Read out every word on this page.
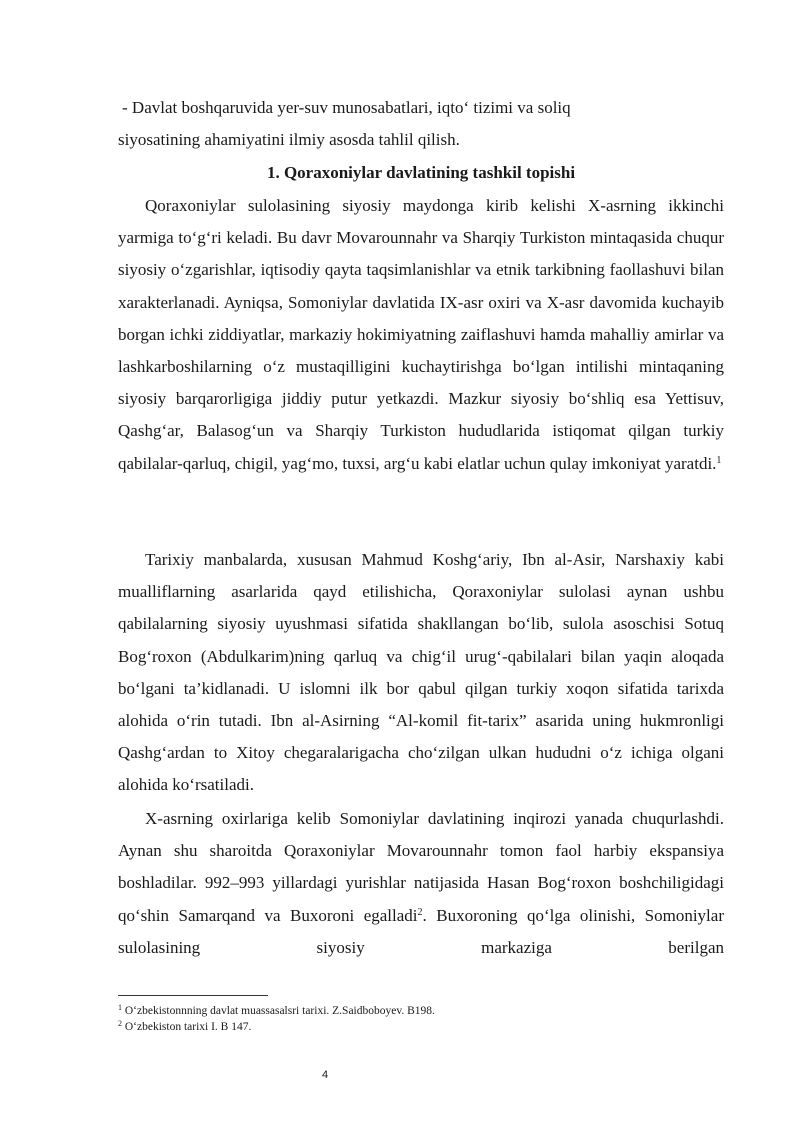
- Davlat boshqaruvida yer-suv munosabatlari, iqto‘ tizimi va soliq
siyosatining ahamiyatini ilmiy asosda tahlil qilish.

1. Qoraxoniylar davlatining tashkil topishi

Qoraxoniylar sulolasining siyosiy maydonga kirib kelishi X-asrning ikkinchi yarmiga to‘g‘ri keladi. Bu davr Movarounnahr va Sharqiy Turkiston mintaqasida chuqur siyosiy o‘zgarishlar, iqtisodiy qayta taqsimlanishlar va etnik tarkibning faollashuvi bilan xarakterlanadi. Ayniqsa, Somoniylar davlatida IX-asr oxiri va X-asr davomida kuchayib borgan ichki ziddiyatlar, markaziy hokimiyatning zaiflashuvi hamda mahalliy amirlar va lashkarboshilarning o‘z mustaqilligini kuchaytirishga bo‘lgan intilishi mintaqaning siyosiy barqarorligiga jiddiy putur yetkazdi. Mazkur siyosiy bo‘shliq esa Yettisuv, Qashg‘ar, Balasog‘un va Sharqiy Turkiston hududlarida istiqomat qilgan turkiy qabilalar-qarluq, chigil, yag‘mo, tuxsi, arg‘u kabi elatlar uchun qulay imkoniyat yaratdi.$^1$

Tarixiy manbalarda, xususan Mahmud Koshg‘ariy, Ibn al-Asir, Narshaxiy kabi mualliflarning asarlarida qayd etilishicha, Qoraxoniylar sulolasi aynan ushbu qabilalarning siyosiy uyushmasi sifatida shakllangan bo‘lib, sulola asoschisi Sotuq Bog‘roxon (Abdulkarim)ning qarluq va chig‘il urug‘-qabilalari bilan yaqin aloqada bo‘lgani ta’kidlanadi. U islomni ilk bor qabul qilgan turkiy xoqon sifatida tarixda alohida o‘rin tutadi. Ibn al-Asirning “Al-komil fit-tarix” asarida uning hukmronligi Qashg‘ardan to Xitoy chegaralarigacha cho‘zilgan ulkan hududni o‘z ichiga olgani alohida ko‘rsatiladi.

X-asrning oxirlariga kelib Somoniylar davlatining inqirozi yanada chuqurlashdi. Aynan shu sharoitda Qoraxoniylar Movarounnahr tomon faol harbiy ekspansiya boshladilar. 992–993 yillardagi yurishlar natijasida Hasan Bog‘roxon boshchiligidagi qo‘shin Samarqand va Buxoroni egalladi$^2$. Buxoroning qo‘lga olinishi, Somoniylar sulolasining siyosiy markaziga berilgan

$^1$ O‘zbekistonnning davlat muassasalsri tarixi. Z.Saidboboyev. B198.
$^2$ O‘zbekiston tarixi I. B 147.
4
